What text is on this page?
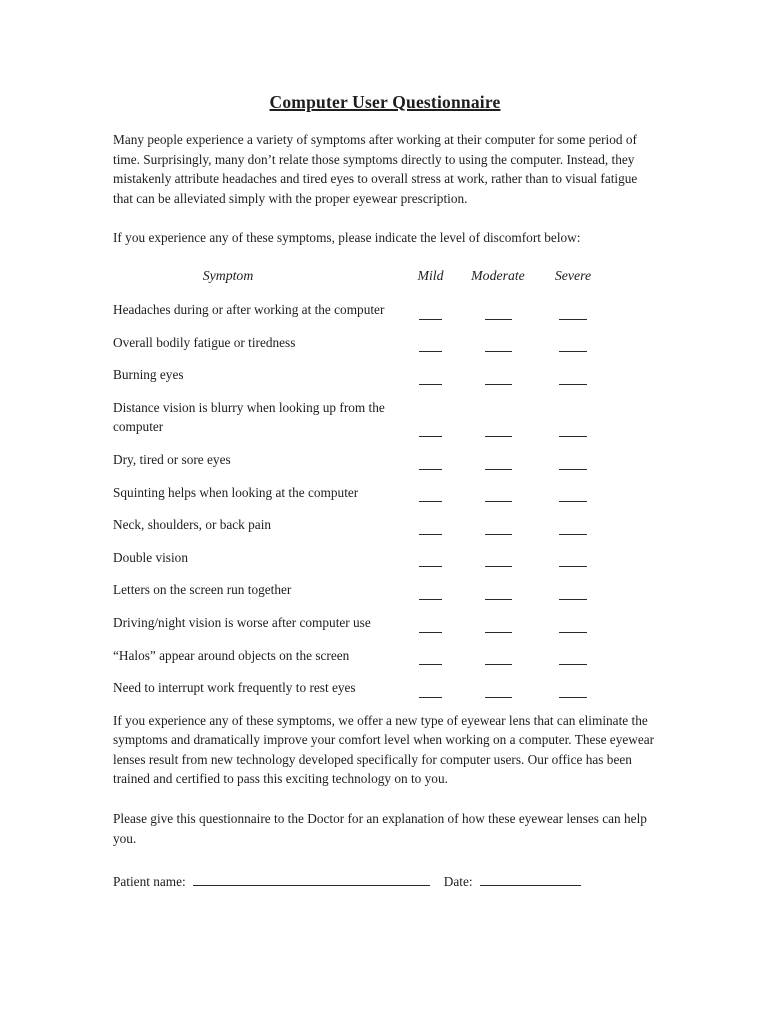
Computer User Questionnaire

Many people experience a variety of symptoms after working at their computer for some period of time. Surprisingly, many don’t relate those symptoms directly to using the computer. Instead, they mistakenly attribute headaches and tired eyes to overall stress at work, rather than to visual fatigue that can be alleviated simply with the proper eyewear prescription.

If you experience any of these symptoms, please indicate the level of discomfort below:

Symptom	Mild	Moderate	Severe
Headaches during or after working at the computer
Overall bodily fatigue or tiredness
Burning eyes
Distance vision is blurry when looking up from the computer
Dry, tired or sore eyes
Squinting helps when looking at the computer
Neck, shoulders, or back pain
Double vision
Letters on the screen run together
Driving/night vision is worse after computer use
“Halos” appear around objects on the screen
Need to interrupt work frequently to rest eyes

If you experience any of these symptoms, we offer a new type of eyewear lens that can eliminate the symptoms and dramatically improve your comfort level when working on a computer. These eyewear lenses result from new technology developed specifically for computer users. Our office has been trained and certified to pass this exciting technology on to you.

Please give this questionnaire to the Doctor for an explanation of how these eyewear lenses can help you.

Patient name:	Date:
